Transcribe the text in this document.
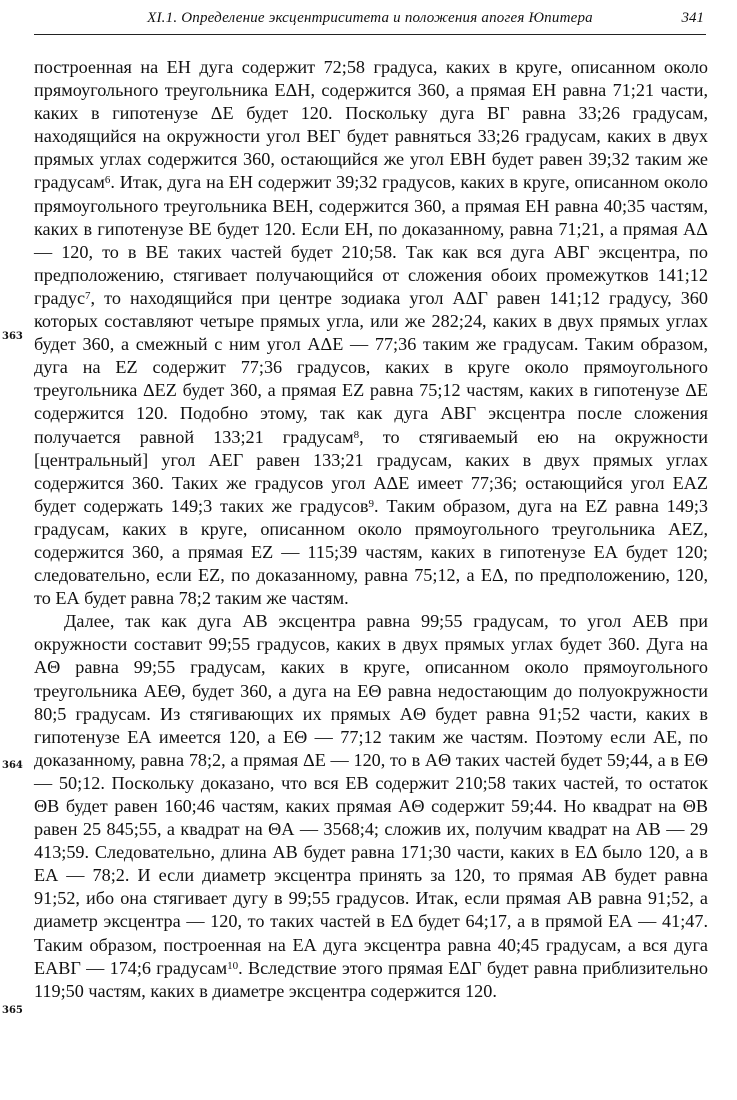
XI.1. Определение эксцентриситета и положения апогея Юпитера	341
363
364
365

построенная на ЕН дуга содержит 72;58 градуса, каких в круге, описанном около прямоугольного треугольника ЕΔН, содержится 360, а прямая ЕН равна 71;21 части, каких в гипотенузе ΔЕ будет 120. Поскольку дуга ВГ равна 33;26 градусам, находящийся на окружности угол ВЕГ будет равняться 33;26 градусам, каких в двух прямых углах содержится 360, остающийся же угол ЕВН будет равен 39;32 таким же градусам$^6$. Итак, дуга на ЕН содержит 39;32 градусов, каких в круге, описанном около прямоугольного треугольника ВЕН, содержится 360, а прямая ЕН равна 40;35 частям, каких в гипотенузе ВЕ будет 120. Если ЕН, по доказанному, равна 71;21, а прямая АΔ — 120, то в ВЕ таких частей будет 210;58. Так как вся дуга АВГ эксцентра, по предположению, стягивает получающийся от сложения обоих промежутков 141;12 градус$^7$, то находящийся при центре зодиака угол АΔГ равен 141;12 градусу, 360 которых составляют четыре прямых угла, или же 282;24, каких в двух прямых углах будет 360, а смежный с ним угол АΔЕ — 77;36 таким же градусам. Таким образом, дуга на ЕZ содержит 77;36 градусов, каких в круге около прямоугольного треугольника ΔЕZ будет 360, а прямая ЕZ равна 75;12 частям, каких в гипотенузе ΔЕ содержится 120. Подобно этому, так как дуга АВГ эксцентра после сложения получается равной 133;21 градусам$^8$, то стягиваемый ею на окружности [центральный] угол АЕГ равен 133;21 градусам, каких в двух прямых углах содержится 360. Таких же градусов угол АΔЕ имеет 77;36; остающийся угол ЕАZ будет содержать 149;3 таких же градусов$^9$. Таким образом, дуга на ЕZ равна 149;3 градусам, каких в круге, описанном около прямоугольного треугольника АЕZ, содержится 360, а прямая ЕZ — 115;39 частям, каких в гипотенузе ЕА будет 120; следовательно, если ЕZ, по доказанному, равна 75;12, а ЕΔ, по предположению, 120, то ЕА будет равна 78;2 таким же частям.

Далее, так как дуга АВ эксцентра равна 99;55 градусам, то угол АЕВ при окружности составит 99;55 градусов, каких в двух прямых углах будет 360. Дуга на АΘ равна 99;55 градусам, каких в круге, описанном около прямоугольного треугольника АЕΘ, будет 360, а дуга на ЕΘ равна недостающим до полуокружности 80;5 градусам. Из стягивающих их прямых АΘ будет равна 91;52 части, каких в гипотенузе ЕА имеется 120, а ЕΘ — 77;12 таким же частям. Поэтому если АЕ, по доказанному, равна 78;2, а прямая ΔЕ — 120, то в АΘ таких частей будет 59;44, а в ЕΘ — 50;12. Поскольку доказано, что вся ЕВ содержит 210;58 таких частей, то остаток ΘВ будет равен 160;46 частям, каких прямая АΘ содержит 59;44. Но квадрат на ΘВ равен 25 845;55, а квадрат на ΘА — 3568;4; сложив их, получим квадрат на АВ — 29 413;59. Следовательно, длина АВ будет равна 171;30 части, каких в ЕΔ было 120, а в ЕА — 78;2. И если диаметр эксцентра принять за 120, то прямая АВ будет равна 91;52, ибо она стягивает дугу в 99;55 градусов. Итак, если прямая АВ равна 91;52, а диаметр эксцентра — 120, то таких частей в ЕΔ будет 64;17, а в прямой ЕА — 41;47. Таким образом, построенная на ЕА дуга эксцентра равна 40;45 градусам, а вся дуга ЕАВГ — 174;6 градусам$^{10}$. Вследствие этого прямая ЕΔГ будет равна приблизительно 119;50 частям, каких в диаметре эксцентра содержится 120.
